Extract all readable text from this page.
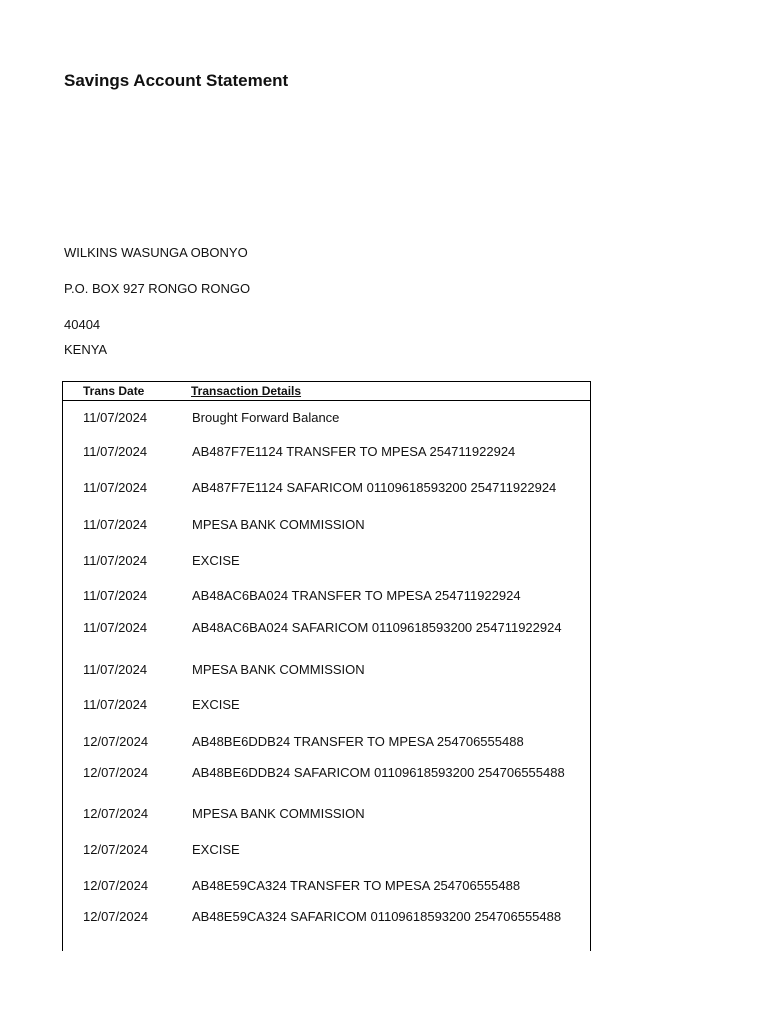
Savings Account Statement

WILKINS WASUNGA OBONYO

P.O. BOX 927 RONGO RONGO

40404

KENYA

Trans Date	Transaction Details
11/07/2024	Brought Forward Balance
11/07/2024	AB487F7E1124 TRANSFER TO MPESA 254711922924
11/07/2024	AB487F7E1124 SAFARICOM 01109618593200 254711922924
11/07/2024	MPESA BANK COMMISSION
11/07/2024	EXCISE
11/07/2024	AB48AC6BA024 TRANSFER TO MPESA 254711922924
11/07/2024	AB48AC6BA024 SAFARICOM 01109618593200 254711922924
11/07/2024	MPESA BANK COMMISSION
11/07/2024	EXCISE
12/07/2024	AB48BE6DDB24 TRANSFER TO MPESA 254706555488
12/07/2024	AB48BE6DDB24 SAFARICOM 01109618593200 254706555488
12/07/2024	MPESA BANK COMMISSION
12/07/2024	EXCISE
12/07/2024	AB48E59CA324 TRANSFER TO MPESA 254706555488
12/07/2024	AB48E59CA324 SAFARICOM 01109618593200 254706555488
